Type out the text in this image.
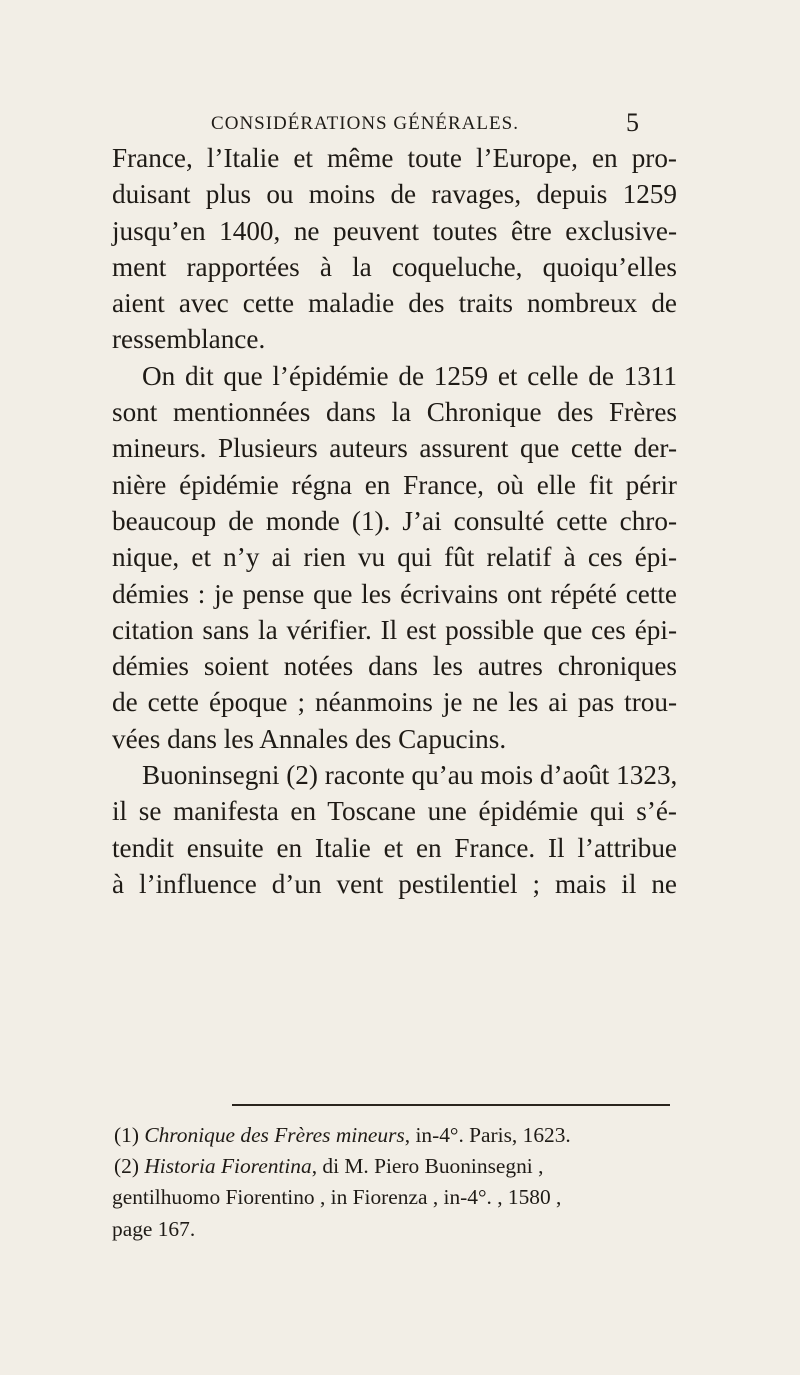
CONSIDÉRATIONS GÉNÉRALES.	5
France, l’Italie et même toute l’Europe, en pro-
duisant plus ou moins de ravages, depuis 1259
jusqu’en 1400, ne peuvent toutes être exclusive-
ment rapportées à la coqueluche, quoiqu’elles
aient avec cette maladie des traits nombreux de
ressemblance.
On dit que l’épidémie de 1259 et celle de 1311
sont mentionnées dans la Chronique des Frères
mineurs. Plusieurs auteurs assurent que cette der-
nière épidémie régna en France, où elle fit périr
beaucoup de monde (1). J’ai consulté cette chro-
nique, et n’y ai rien vu qui fût relatif à ces épi-
démies : je pense que les écrivains ont répété cette
citation sans la vérifier. Il est possible que ces épi-
démies soient notées dans les autres chroniques
de cette époque ; néanmoins je ne les ai pas trou-
vées dans les Annales des Capucins.
Buoninsegni (2) raconte qu’au mois d’août 1323,
il se manifesta en Toscane une épidémie qui s’é-
tendit ensuite en Italie et en France. Il l’attribue
à l’influence d’un vent pestilentiel ; mais il ne
(1) Chronique des Frères mineurs, in-4°. Paris, 1623.
(2) Historia Fiorentina, di M. Piero Buoninsegni ,
gentilhuomo Fiorentino , in Fiorenza , in-4°. , 1580 ,
page 167.
